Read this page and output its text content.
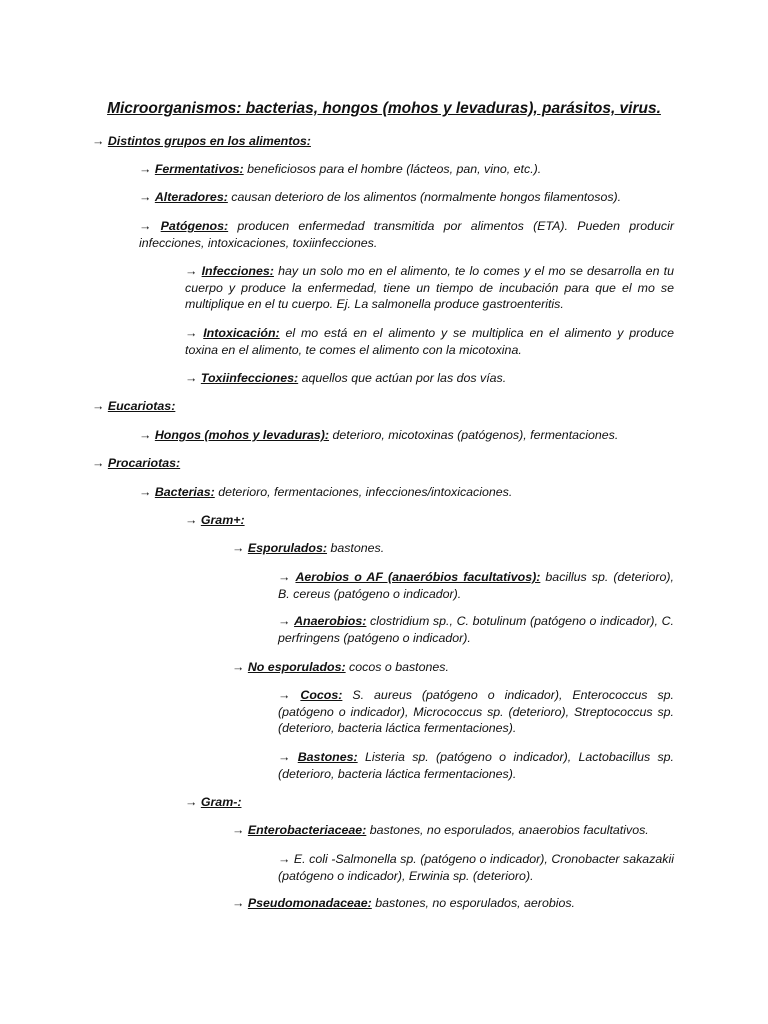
Microorganismos: bacterias, hongos (mohos y levaduras), parásitos, virus.

→ Distintos grupos en los alimentos:

→ Fermentativos: beneficiosos para el hombre (lácteos, pan, vino, etc.).

→ Alteradores: causan deterioro de los alimentos (normalmente hongos filamentosos).

→ Patógenos: producen enfermedad transmitida por alimentos (ETA). Pueden producir infecciones, intoxicaciones, toxiinfecciones.

→ Infecciones: hay un solo mo en el alimento, te lo comes y el mo se desarrolla en tu cuerpo y produce la enfermedad, tiene un tiempo de incubación para que el mo se multiplique en el tu cuerpo. Ej. La salmonella produce gastroenteritis.

→ Intoxicación: el mo está en el alimento y se multiplica en el alimento y produce toxina en el alimento, te comes el alimento con la micotoxina.

→ Toxiinfecciones: aquellos que actúan por las dos vías.

→ Eucariotas:

→ Hongos (mohos y levaduras): deterioro, micotoxinas (patógenos), fermentaciones.

→ Procariotas:

→ Bacterias: deterioro, fermentaciones, infecciones/intoxicaciones.

→ Gram+:

→ Esporulados: bastones.

→ Aerobios o AF (anaeróbios facultativos): bacillus sp. (deterioro), B. cereus (patógeno o indicador).

→ Anaerobios: clostridium sp., C. botulinum (patógeno o indicador), C. perfringens (patógeno o indicador).

→ No esporulados: cocos o bastones.

→ Cocos: S. aureus (patógeno o indicador), Enterococcus sp. (patógeno o indicador), Micrococcus sp. (deterioro), Streptococcus sp. (deterioro, bacteria láctica fermentaciones).

→ Bastones: Listeria sp. (patógeno o indicador), Lactobacillus sp. (deterioro, bacteria láctica fermentaciones).

→ Gram-:

→ Enterobacteriaceae: bastones, no esporulados, anaerobios facultativos.

→ E. coli -Salmonella sp. (patógeno o indicador), Cronobacter sakazakii (patógeno o indicador), Erwinia sp. (deterioro).

→ Pseudomonadaceae: bastones, no esporulados, aerobios.
